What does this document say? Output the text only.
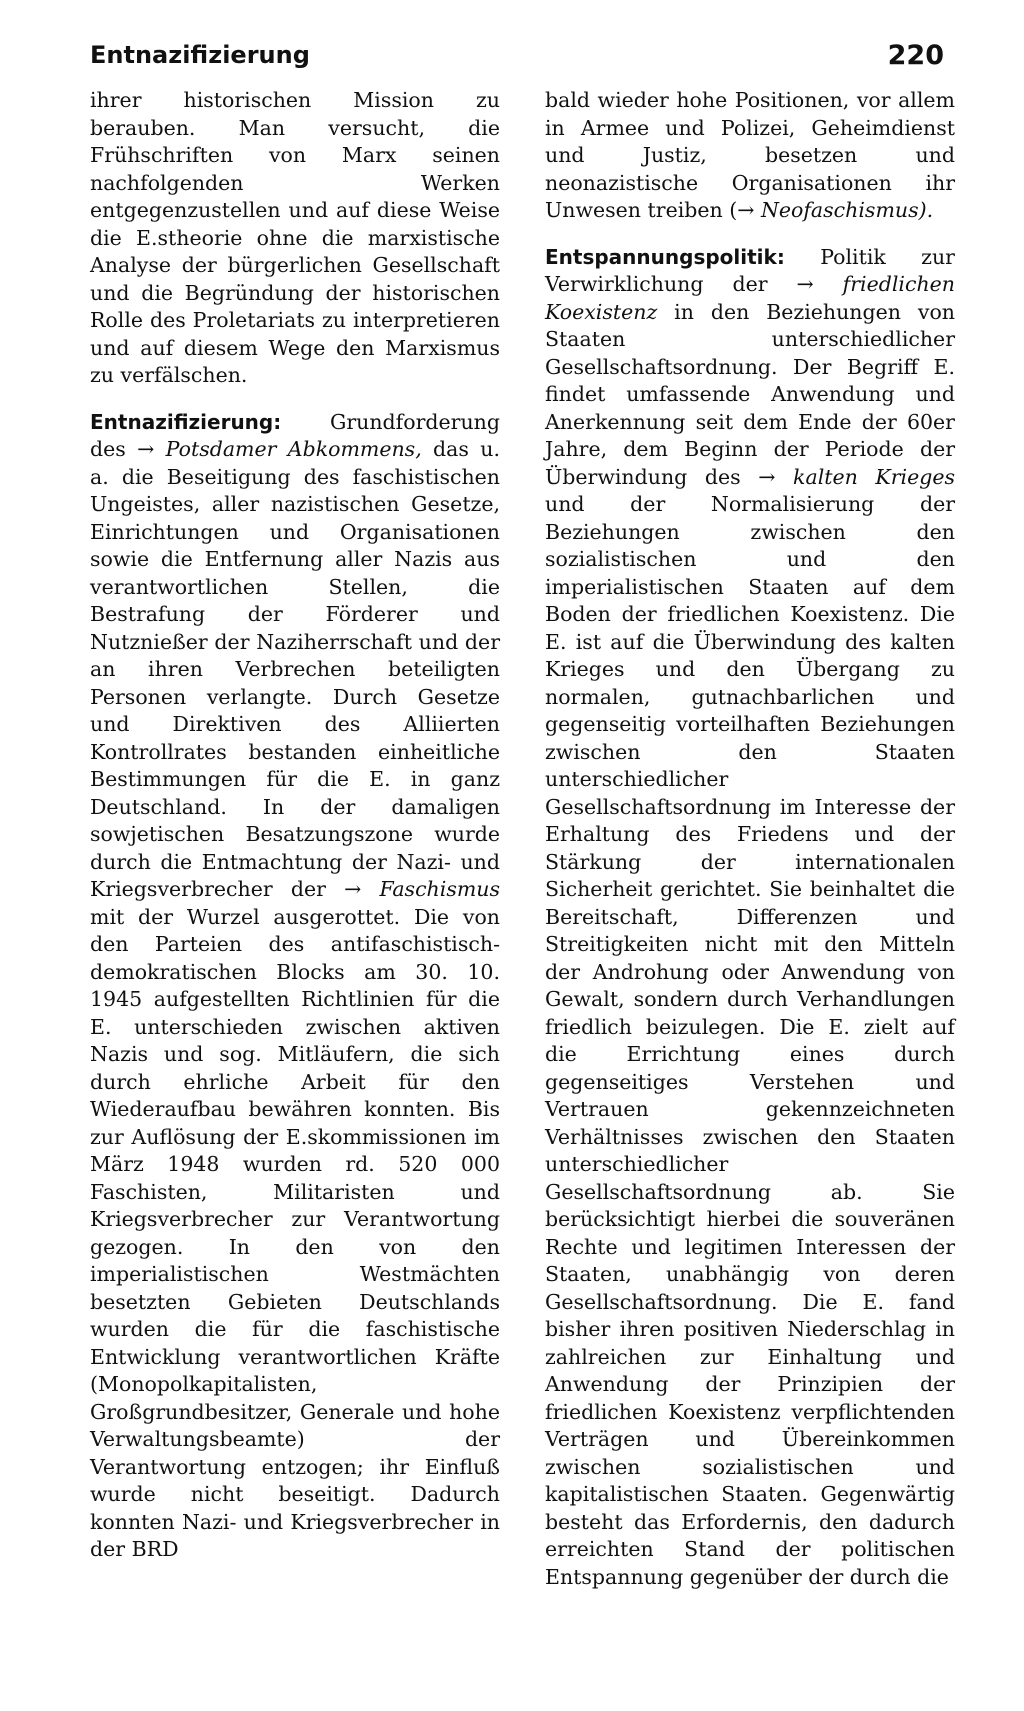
Entnazifizierung	220

ihrer historischen Mission zu berauben. Man versucht, die Frühschriften von Marx seinen nachfolgenden Werken entgegenzustellen und auf diese Weise die E.stheorie ohne die marxistische Analyse der bürgerlichen Gesellschaft und die Begründung der historischen Rolle des Proletariats zu interpretieren und auf diesem Wege den Marxismus zu verfälschen.

Entnazifizierung: Grundforderung des → Potsdamer Abkommens, das u. a. die Beseitigung des faschistischen Ungeistes, aller nazistischen Gesetze, Einrichtungen und Organisationen sowie die Entfernung aller Nazis aus verantwortlichen Stellen, die Bestrafung der Förderer und Nutznießer der Naziherrschaft und der an ihren Verbrechen beteiligten Personen verlangte. Durch Gesetze und Direktiven des Alliierten Kontrollrates bestanden einheitliche Bestimmungen für die E. in ganz Deutschland. In der damaligen sowjetischen Besatzungszone wurde durch die Entmachtung der Nazi- und Kriegsverbrecher der → Faschismus mit der Wurzel ausgerottet. Die von den Parteien des antifaschistisch-demokratischen Blocks am 30. 10. 1945 aufgestellten Richtlinien für die E. unterschieden zwischen aktiven Nazis und sog. Mitläufern, die sich durch ehrliche Arbeit für den Wiederaufbau bewähren konnten. Bis zur Auflösung der E.skommissionen im März 1948 wurden rd. 520 000 Faschisten, Militaristen und Kriegsverbrecher zur Verantwortung gezogen. In den von den imperialistischen Westmächten besetzten Gebieten Deutschlands wurden die für die faschistische Entwicklung verantwortlichen Kräfte (Monopolkapitalisten, Großgrundbesitzer, Generale und hohe Verwaltungsbeamte) der Verantwortung entzogen; ihr Einfluß wurde nicht beseitigt. Dadurch konnten Nazi- und Kriegsverbrecher in der BRD

bald wieder hohe Positionen, vor allem in Armee und Polizei, Geheimdienst und Justiz, besetzen und neonazistische Organisationen ihr Unwesen treiben (→ Neofaschismus).

Entspannungspolitik: Politik zur Verwirklichung der → friedlichen Koexistenz in den Beziehungen von Staaten unterschiedlicher Gesellschaftsordnung. Der Begriff E. findet umfassende Anwendung und Anerkennung seit dem Ende der 60er Jahre, dem Beginn der Periode der Überwindung des → kalten Krieges und der Normalisierung der Beziehungen zwischen den sozialistischen und den imperialistischen Staaten auf dem Boden der friedlichen Koexistenz. Die E. ist auf die Überwindung des kalten Krieges und den Übergang zu normalen, gutnachbarlichen und gegenseitig vorteilhaften Beziehungen zwischen den Staaten unterschiedlicher Gesellschaftsordnung im Interesse der Erhaltung des Friedens und der Stärkung der internationalen Sicherheit gerichtet. Sie beinhaltet die Bereitschaft, Differenzen und Streitigkeiten nicht mit den Mitteln der Androhung oder Anwendung von Gewalt, sondern durch Verhandlungen friedlich beizulegen. Die E. zielt auf die Errichtung eines durch gegenseitiges Verstehen und Vertrauen gekennzeichneten Verhältnisses zwischen den Staaten unterschiedlicher Gesellschaftsordnung ab. Sie berücksichtigt hierbei die souveränen Rechte und legitimen Interessen der Staaten, unabhängig von deren Gesellschaftsordnung. Die E. fand bisher ihren positiven Niederschlag in zahlreichen zur Einhaltung und Anwendung der Prinzipien der friedlichen Koexistenz verpflichtenden Verträgen und Übereinkommen zwischen sozialistischen und kapitalistischen Staaten. Gegenwärtig besteht das Erfordernis, den dadurch erreichten Stand der politischen Entspannung gegenüber der durch die
